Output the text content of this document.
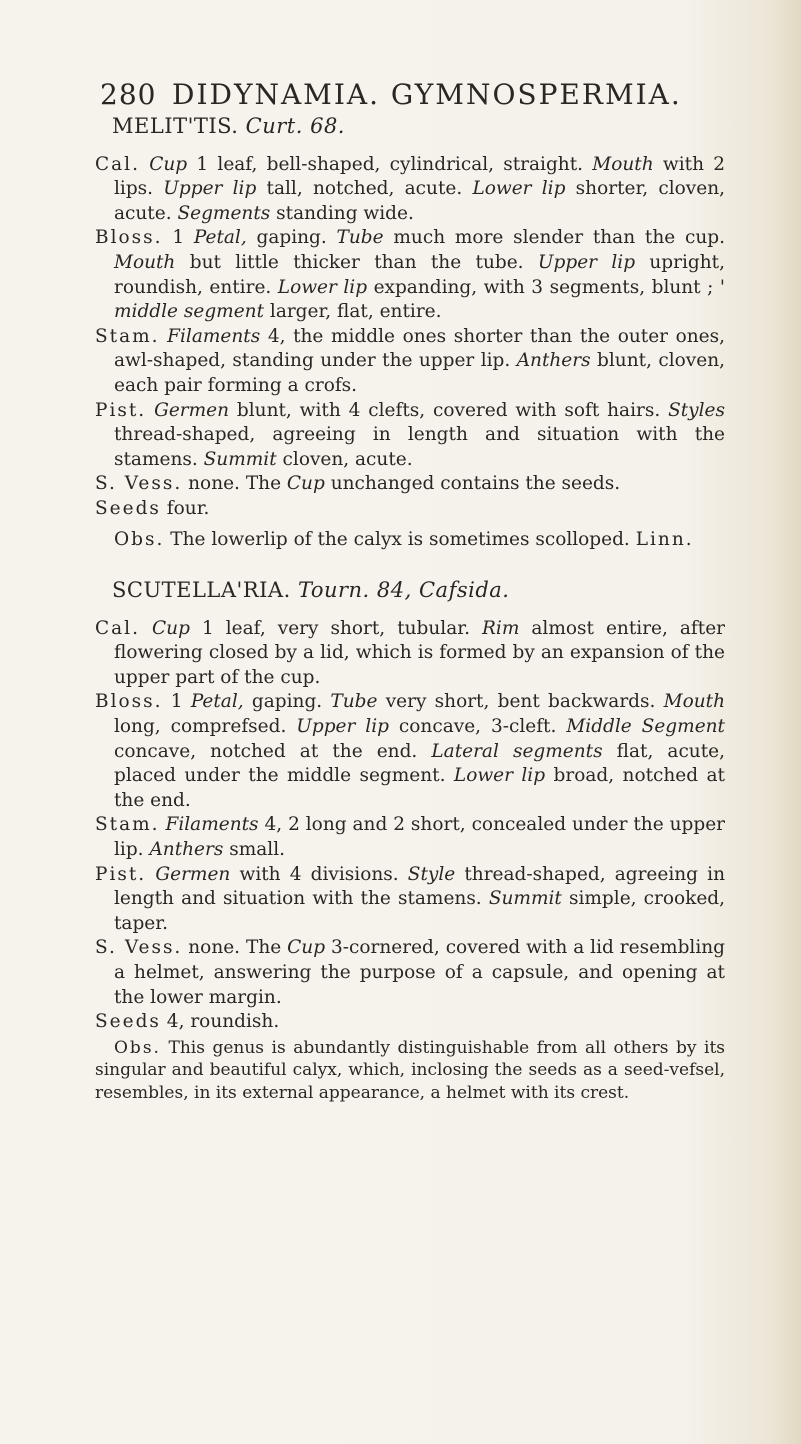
280 DIDYNAMIA. GYMNOSPERMIA.
MELIT'TIS. Curt. 68.

Cal. Cup 1 leaf, bell-shaped, cylindrical, straight. Mouth with 2 lips. Upper lip tall, notched, acute. Lower lip shorter, cloven, acute. Segments standing wide.

Bloss. 1 Petal, gaping. Tube much more slender than the cup. Mouth but little thicker than the tube. Upper lip upright, roundish, entire. Lower lip expanding, with 3 segments, blunt ; ' middle segment larger, flat, entire.

Stam. Filaments 4, the middle ones shorter than the outer ones, awl-shaped, standing under the upper lip. Anthers blunt, cloven, each pair forming a crofs.

Pist. Germen blunt, with 4 clefts, covered with soft hairs. Styles thread-shaped, agreeing in length and situation with the stamens. Summit cloven, acute.

S. Vess. none. The Cup unchanged contains the seeds.

Seeds four.

Obs. The lowerlip of the calyx is sometimes scolloped. Linn.

SCUTELLA'RIA. Tourn. 84, Cafsida.

Cal. Cup 1 leaf, very short, tubular. Rim almost entire, after flowering closed by a lid, which is formed by an expansion of the upper part of the cup.

Bloss. 1 Petal, gaping. Tube very short, bent backwards. Mouth long, comprefsed. Upper lip concave, 3-cleft. Middle Segment concave, notched at the end. Lateral segments flat, acute, placed under the middle segment. Lower lip broad, notched at the end.

Stam. Filaments 4, 2 long and 2 short, concealed under the upper lip. Anthers small.

Pist. Germen with 4 divisions. Style thread-shaped, agreeing in length and situation with the stamens. Summit simple, crooked, taper.

S. Vess. none. The Cup 3-cornered, covered with a lid resembling a helmet, answering the purpose of a capsule, and opening at the lower margin.

Seeds 4, roundish.

Obs. This genus is abundantly distinguishable from all others by its singular and beautiful calyx, which, inclosing the seeds as a seed-vefsel, resembles, in its external appearance, a helmet with its crest.
